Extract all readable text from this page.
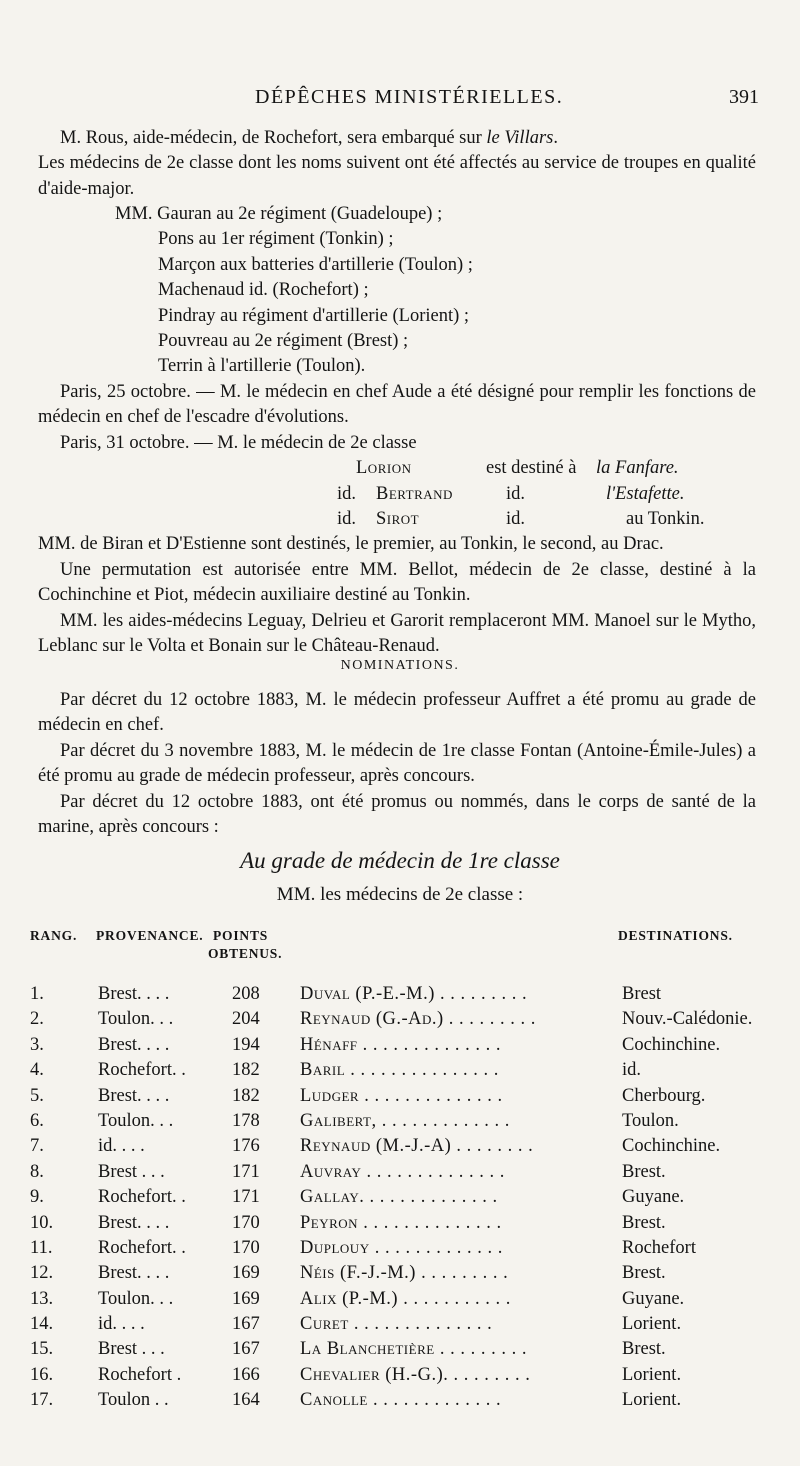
DÉPÊCHES MINISTÉRIELLES.	391

M. Rous, aide-médecin, de Rochefort, sera embarqué sur le Villars.

Les médecins de 2e classe dont les noms suivent ont été affectés au service de troupes en qualité d'aide-major.

MM. Gauran au 2e régiment (Guadeloupe) ;
Pons au 1er régiment (Tonkin) ;
Marçon aux batteries d'artillerie (Toulon) ;
Machenaud id. (Rochefort) ;
Pindray au régiment d'artillerie (Lorient) ;
Pouvreau au 2e régiment (Brest) ;
Terrin à l'artillerie (Toulon).

Paris, 25 octobre. — M. le médecin en chef Aude a été désigné pour remplir les fonctions de médecin en chef de l'escadre d'évolutions.

Paris, 31 octobre. — M. le médecin de 2e classe
Lorion	est destiné à	la Fanfare.
id.	Bertrand	id.	l'Estafette.
id.	Sirot	id.	au Tonkin.

MM. de Biran et D'Estienne sont destinés, le premier, au Tonkin, le second, au Drac.

Une permutation est autorisée entre MM. Bellot, médecin de 2e classe, destiné à la Cochinchine et Piot, médecin auxiliaire destiné au Tonkin.

MM. les aides-médecins Leguay, Delrieu et Garorit remplaceront MM. Manoel sur le Mytho, Leblanc sur le Volta et Bonain sur le Château-Renaud.

NOMINATIONS.

Par décret du 12 octobre 1883, M. le médecin professeur Auffret a été promu au grade de médecin en chef.

Par décret du 3 novembre 1883, M. le médecin de 1re classe Fontan (Antoine-Émile-Jules) a été promu au grade de médecin professeur, après concours.

Par décret du 12 octobre 1883, ont été promus ou nommés, dans le corps de santé de la marine, après concours :

Au grade de médecin de 1re classe
MM. les médecins de 2e classe :
RANG. PROVENANCE. POINTS
OBTENUS.
DESTINATIONS.
1.	Brest. . . .	208 Duval (P.-E.-M.) . . . . . . . . .	Brest
2.	Toulon. . .	204 Reynaud (G.-Ad.) . . . . . . . . .	Nouv.-Calédonie.
3.	Brest. . . .	194 Hénaff . . . . . . . . . . . . . .	Cochinchine.
4.	Rochefort. . 182 Baril . . . . . . . . . . . . . . .	id.
5.	Brest. . . .	182 Ludger . . . . . . . . . . . . . .	Cherbourg.
6.	Toulon. . .	178 Galibert, . . . . . . . . . . . . .	Toulon.
7.	id. . . .	176 Reynaud (M.-J.-A) . . . . . . . .	Cochinchine.
8.	Brest . . .	171 Auvray . . . . . . . . . . . . . .	Brest.
9.	Rochefort. . 171 Gallay. . . . . . . . . . . . . .	Guyane.
10.	Brest. . . .	170 Peyron . . . . . . . . . . . . . .	Brest.
11.	Rochefort. . 170 Duplouy . . . . . . . . . . . . .	Rochefort
12.	Brest. . . .	169 Néis (F.-J.-M.) . . . . . . . . .	Brest.
13.	Toulon. . .	169 Alix (P.-M.) . . . . . . . . . . .	Guyane.
14.	id. . . .	167 Curet . . . . . . . . . . . . . .	Lorient.
15.	Brest . . .	167 La Blanchetière . . . . . . . . .	Brest.
16.	Rochefort .	166 Chevalier (H.-G.). . . . . . . . .	Lorient.
17.	Toulon . .	164 Canolle . . . . . . . . . . . . .	Lorient.
